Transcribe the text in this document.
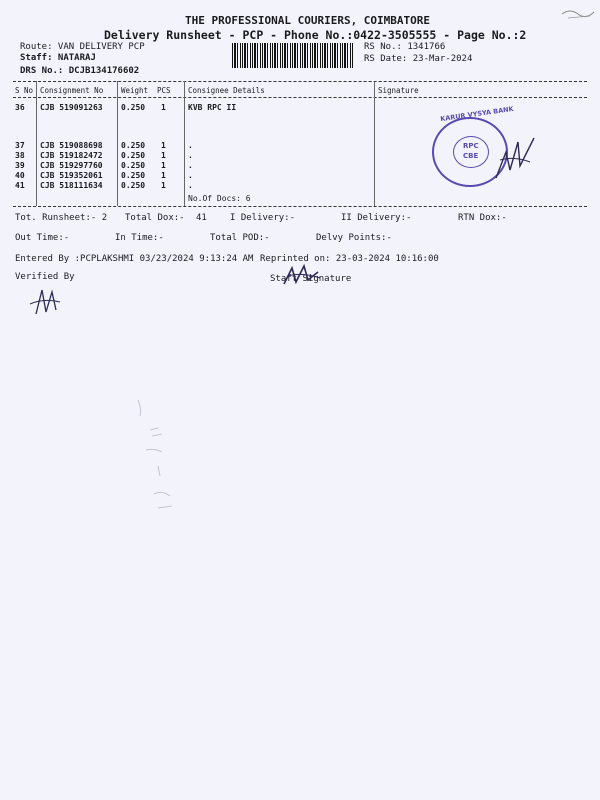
THE PROFESSIONAL COURIERS, COIMBATORE
Delivery Runsheet - PCP - Phone No.:0422-3505555 - Page No.:2
Route: VAN DELIVERY PCP
Staff: NATARAJ
DRS No.: DCJB134176602
RS No.: 1341766
RS Date: 23-Mar-2024
S No Consignment No Weight PCS Consignee Details	Signature
36 CJB 519091263 0.250 1	KVB RPC II
37 CJB 519088698 0.250 1	.
38 CJB 519182472 0.250 1	.
39 CJB 519297760 0.250 1	.
40 CJB 519352061 0.250 1	.
41 CJB 518111634 0.250 1	.
No.Of Docs: 6
KARUR VYSYA BANK
RPC
CBE
Tot. Runsheet:- 2 Total Dox:- 41	I Delivery:-	II Delivery:-	RTN Dox:-
Out Time:-	In Time:-	Total POD:-	Delvy Points:-
Entered By :PCPLAKSHMI 03/23/2024 9:13:24 AM Reprinted on: 23-03-2024 10:16:00
Verified By	Staff Signature
